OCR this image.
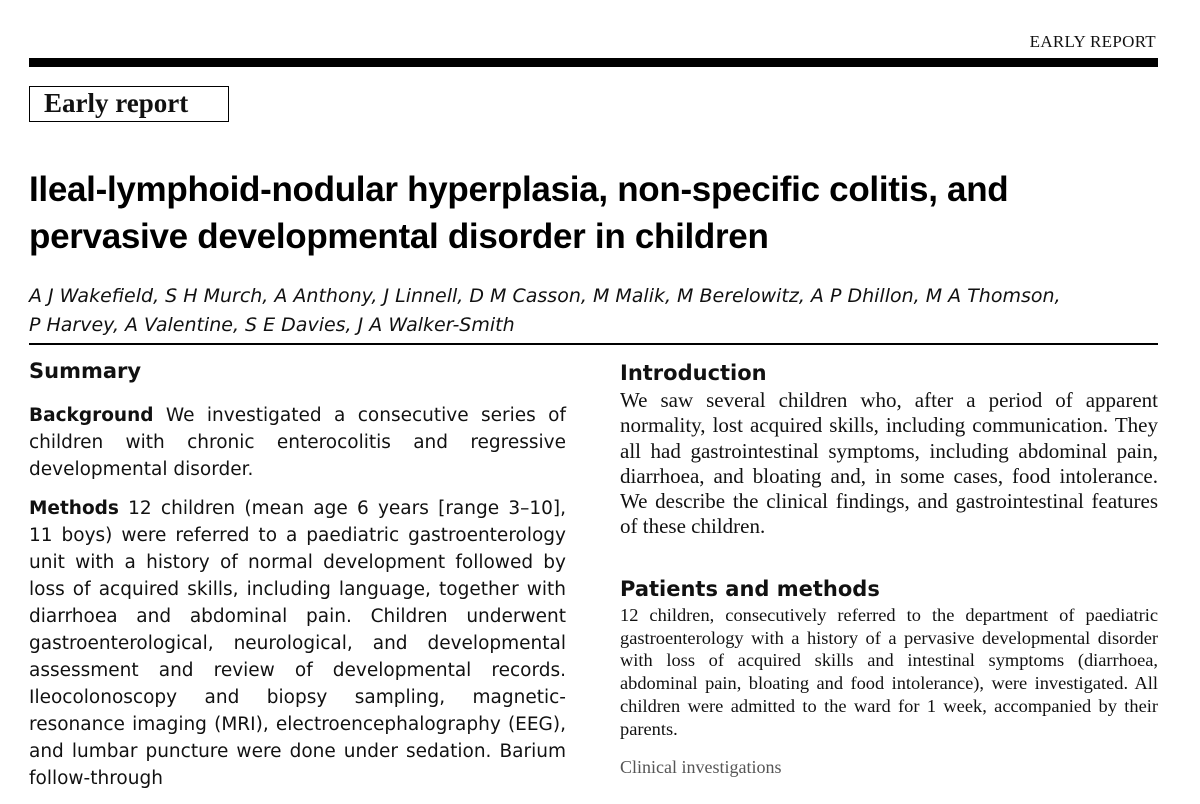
EARLY REPORT
Early report
Ileal-lymphoid-nodular hyperplasia, non-specific colitis, and pervasive developmental disorder in children
A J Wakefield, S H Murch, A Anthony, J Linnell, D M Casson, M Malik, M Berelowitz, A P Dhillon, M A Thomson,
P Harvey, A Valentine, S E Davies, J A Walker-Smith
Summary

Background We investigated a consecutive series of children with chronic enterocolitis and regressive developmental disorder.

Methods 12 children (mean age 6 years [range 3–10], 11 boys) were referred to a paediatric gastroenterology unit with a history of normal development followed by loss of acquired skills, including language, together with diarrhoea and abdominal pain. Children underwent gastroenterological, neurological, and developmental assessment and review of developmental records. Ileocolonoscopy and biopsy sampling, magnetic-resonance imaging (MRI), electroencephalography (EEG), and lumbar puncture were done under sedation. Barium follow-through

Introduction

We saw several children who, after a period of apparent normality, lost acquired skills, including communication. They all had gastrointestinal symptoms, including abdominal pain, diarrhoea, and bloating and, in some cases, food intolerance. We describe the clinical findings, and gastrointestinal features of these children.

Patients and methods

12 children, consecutively referred to the department of paediatric gastroenterology with a history of a pervasive developmental disorder with loss of acquired skills and intestinal symptoms (diarrhoea, abdominal pain, bloating and food intolerance), were investigated. All children were admitted to the ward for 1 week, accompanied by their parents.

Clinical investigations
